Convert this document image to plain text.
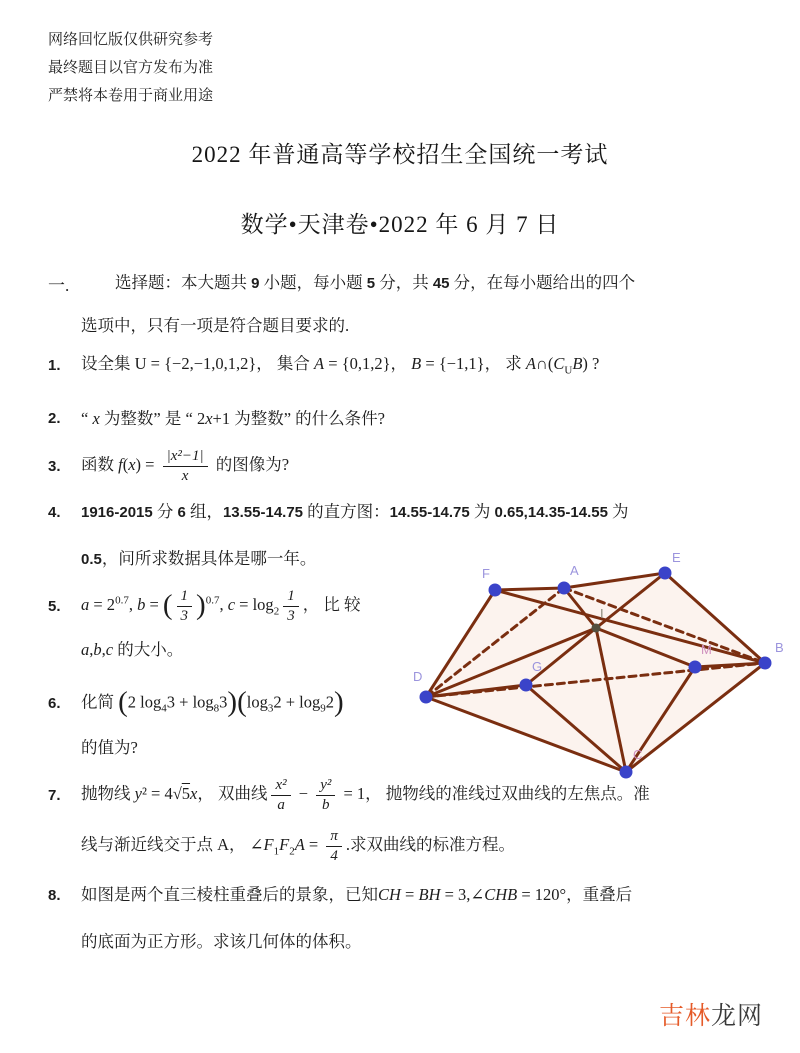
网络回忆版仅供研究参考
最终题目以官方发布为准
严禁将本卷用于商业用途
2022 年普通高等学校招生全国统一考试
数学•天津卷•2022 年 6 月 7 日
一.	选择题：本大题共 9 小题，每小题 5 分，共 45 分，在每小题给出的四个
选项中，只有一项是符合题目要求的.
1.	设全集 U = {−2,−1,0,1,2}， 集合 A = {0,1,2}， B = {−1,1}， 求 $A\cap(C_UB)$ ?
2.	“ x 为整数” 是 “ 2x+1 为整数” 的什么条件?
3.	函数 $f(x) = \frac{\text{|x²−1|}}{x}$ 的图像为?
4.	1916-2015 分 6 组，13.55-14.75 的直方图：14.55-14.75 为 0.65,14.35-14.55 为
0.5，问所求数据具体是哪一年。
5.	$a = 2^{0.7}$, b = ( $\frac{1}{3} )^{0.7}$, $c = \log_2 \frac{1}{3}$ ， 比 较
a,b,c 的大小。
6.	化简 (2 $\log_43 + \log_83)(\log_32 + \log_92)$
的值为?
7.	抛物线 y² = 4√5x， 双曲线 $\frac{\text{x²}}{a} - \frac{\text{y²}}{b} = 1$， 抛物线的准线过双曲线的左焦点。准
线与渐近线交于点 A， $\angle F_1F_2A = \frac{\pi}{4}$ .求双曲线的标准方程。
8.	如图是两个直三棱柱重叠后的景象，已知CH = BH = 3,∠CHB = 120°，重叠后
的底面为正方形。求该几何体的体积。
F	A
E
B
M
G
D
C
I
吉林龙网
